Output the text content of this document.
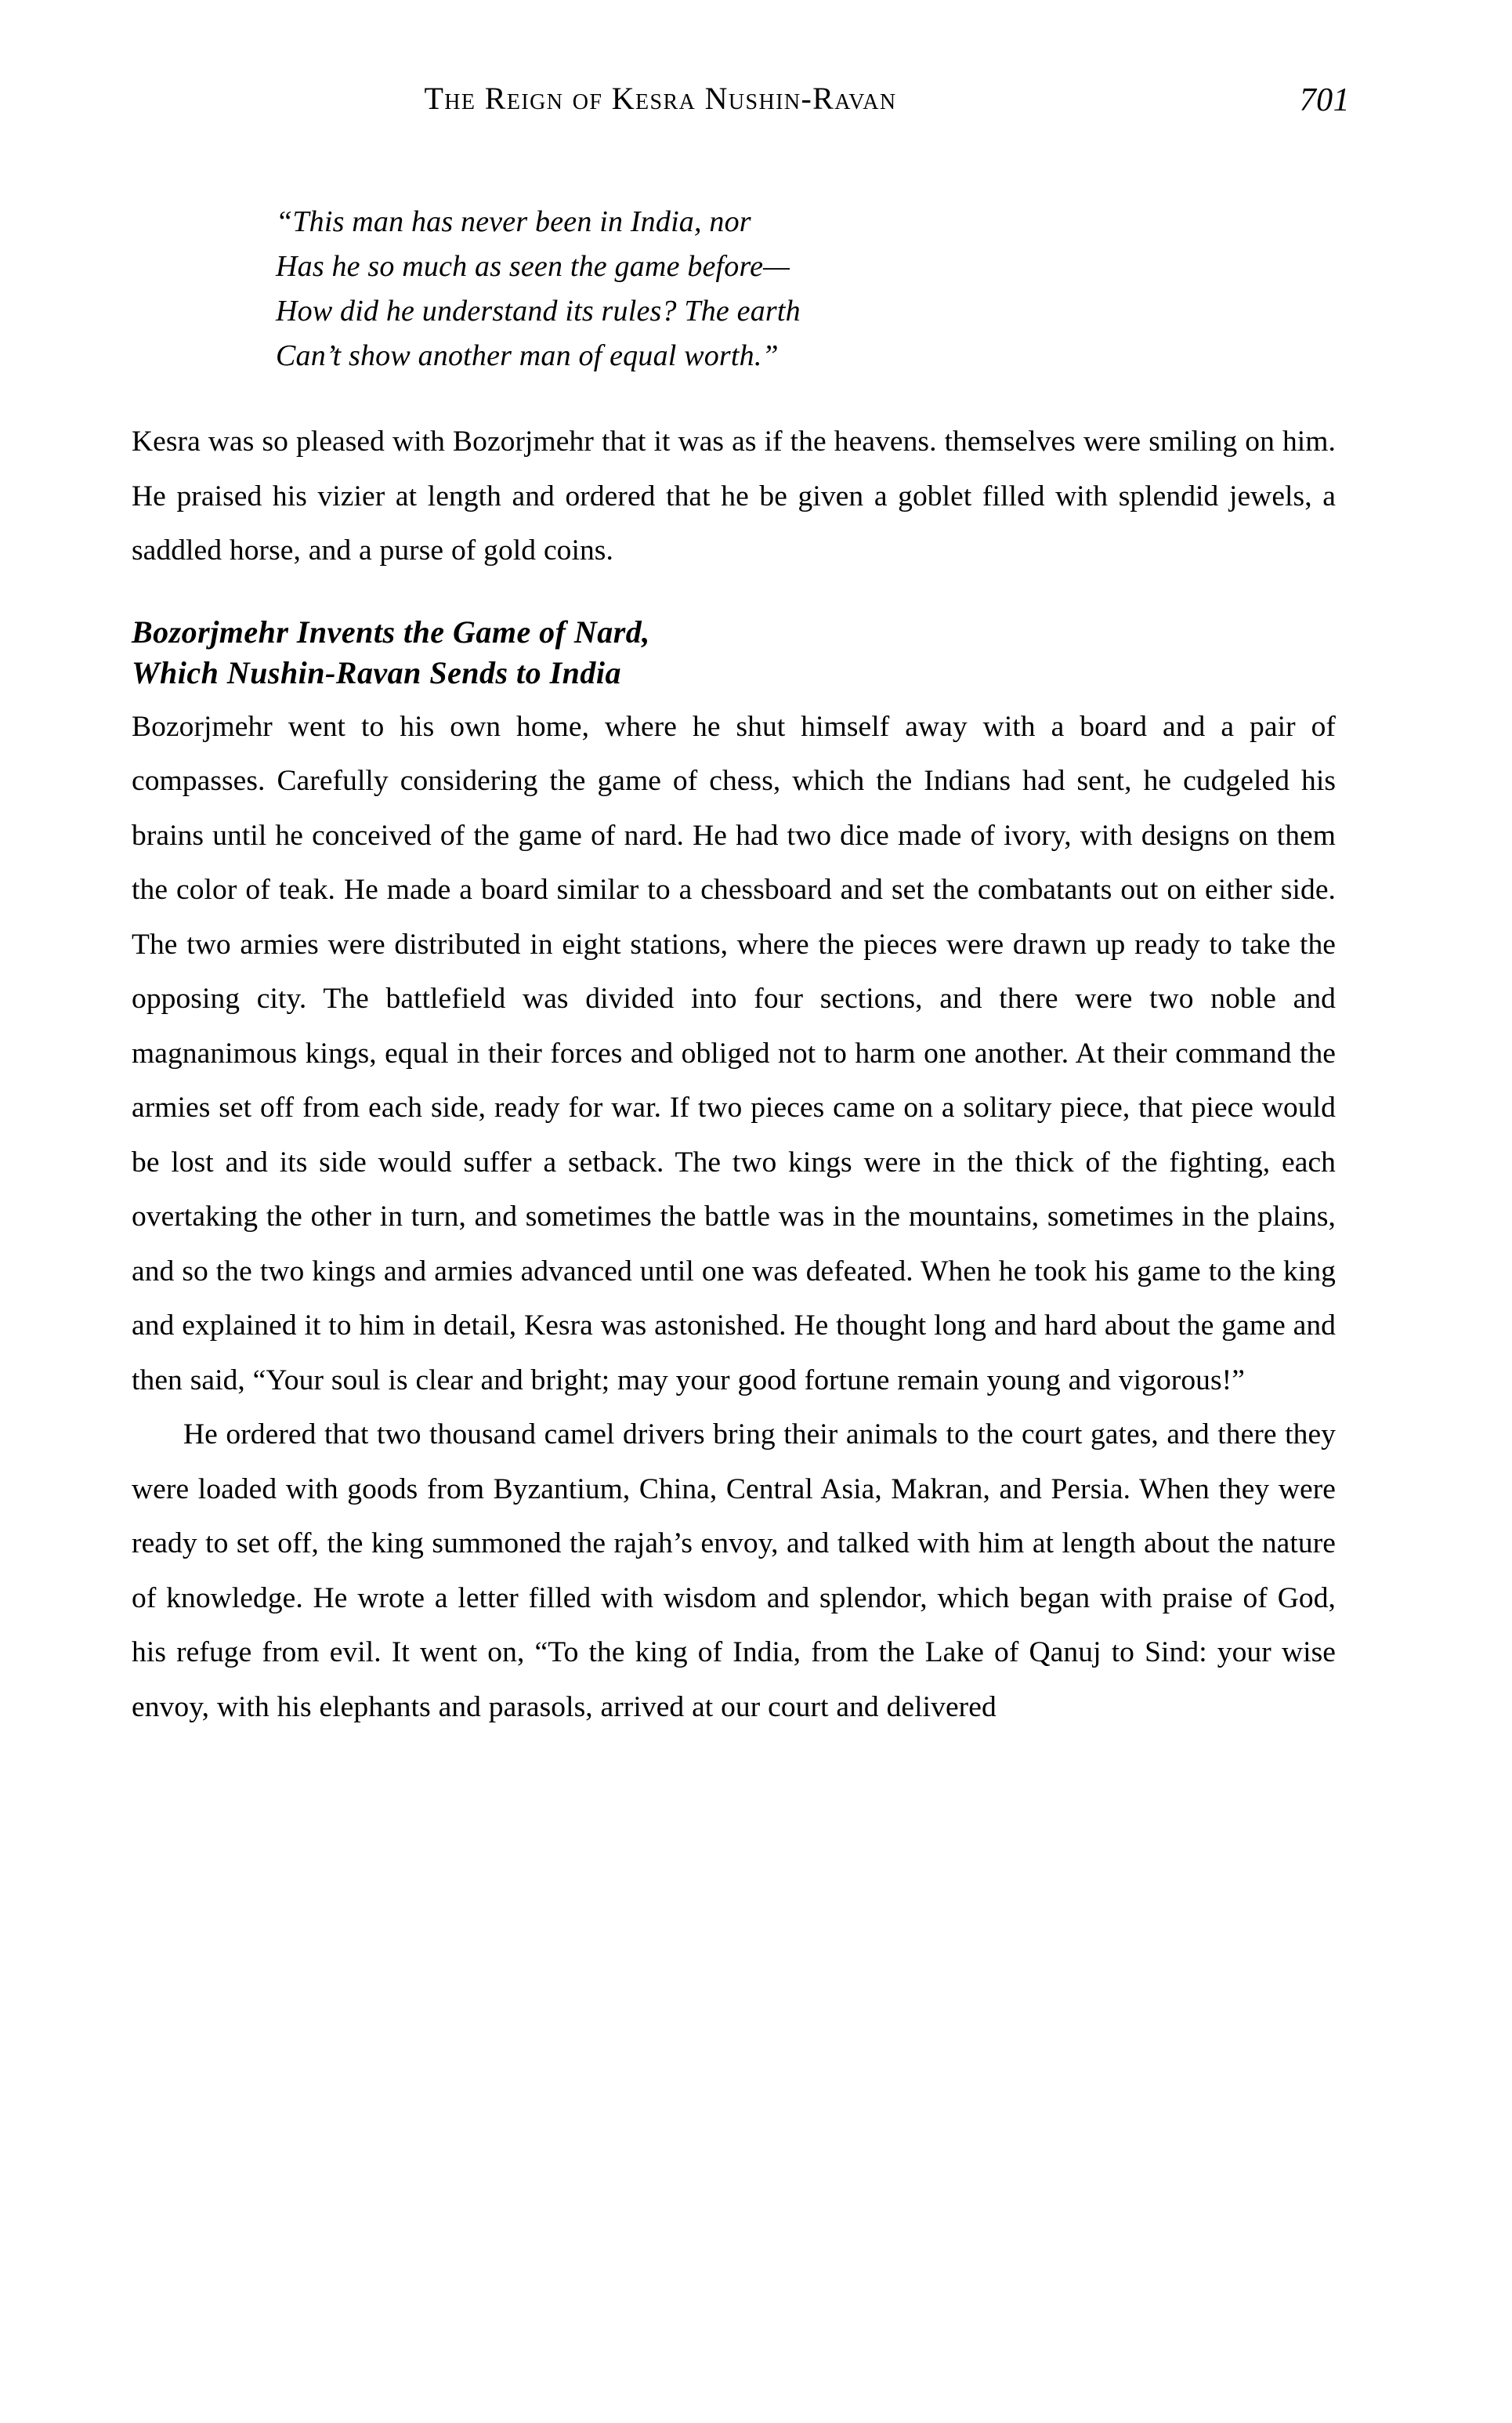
The Reign of Kesra Nushin-Ravan	701
“This man has never been in India, nor
Has he so much as seen the game before—
How did he understand its rules? The earth
Can’t show another man of equal worth.”

Kesra was so pleased with Bozorjmehr that it was as if the heavens. themselves were smiling on him. He praised his vizier at length and ordered that he be given a goblet filled with splendid jewels, a saddled horse, and a purse of gold coins.

Bozorjmehr Invents the Game of Nard,
Which Nushin-Ravan Sends to India

Bozorjmehr went to his own home, where he shut himself away with a board and a pair of compasses. Carefully considering the game of chess, which the Indians had sent, he cudgeled his brains until he conceived of the game of nard. He had two dice made of ivory, with designs on them the color of teak. He made a board similar to a chessboard and set the combatants out on either side. The two armies were distributed in eight stations, where the pieces were drawn up ready to take the opposing city. The battlefield was divided into four sections, and there were two noble and magnanimous kings, equal in their forces and obliged not to harm one another. At their command the armies set off from each side, ready for war. If two pieces came on a solitary piece, that piece would be lost and its side would suffer a setback. The two kings were in the thick of the fighting, each overtaking the other in turn, and sometimes the battle was in the mountains, sometimes in the plains, and so the two kings and armies advanced until one was defeated. When he took his game to the king and explained it to him in detail, Kesra was astonished. He thought long and hard about the game and then said, “Your soul is clear and bright; may your good fortune remain young and vigorous!”

He ordered that two thousand camel drivers bring their animals to the court gates, and there they were loaded with goods from Byzantium, China, Central Asia, Makran, and Persia. When they were ready to set off, the king summoned the rajah’s envoy, and talked with him at length about the nature of knowledge. He wrote a letter filled with wisdom and splendor, which began with praise of God, his refuge from evil. It went on, “To the king of India, from the Lake of Qanuj to Sind: your wise envoy, with his elephants and parasols, arrived at our court and delivered
